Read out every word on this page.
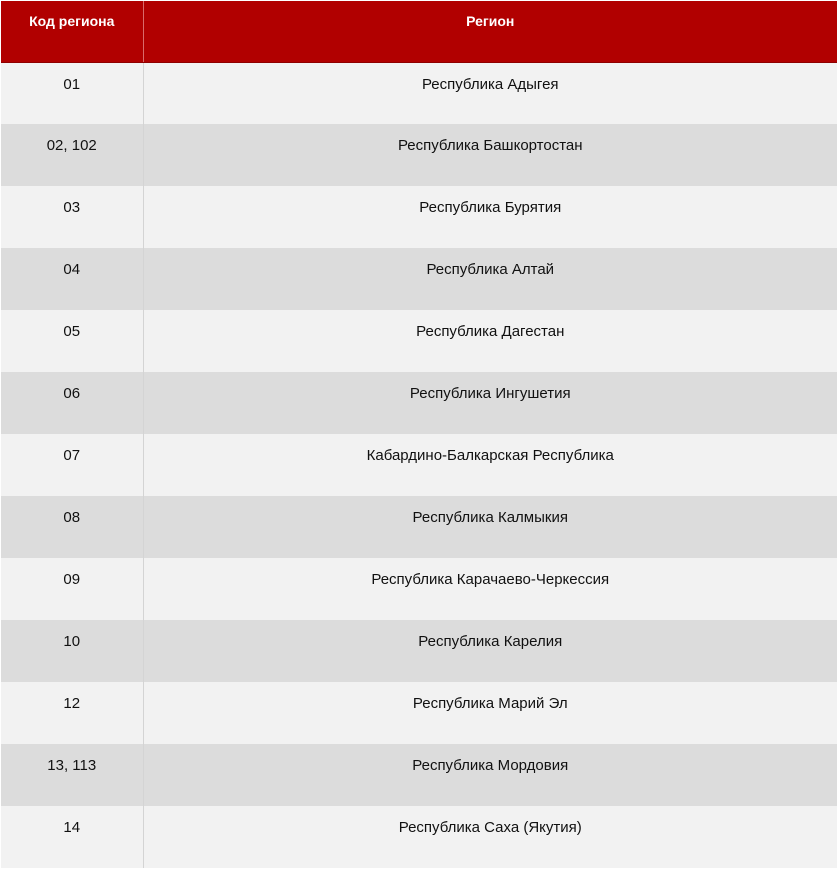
Код региона	Регион
01	Республика Адыгея
02, 102	Республика Башкортостан
03	Республика Бурятия
04	Республика Алтай
05	Республика Дагестан
06	Республика Ингушетия
07	Кабардино-Балкарская Республика
08	Республика Калмыкия
09	Республика Карачаево-Черкессия
10	Республика Карелия
12	Республика Марий Эл
13, 113	Республика Мордовия
14	Республика Саха (Якутия)
